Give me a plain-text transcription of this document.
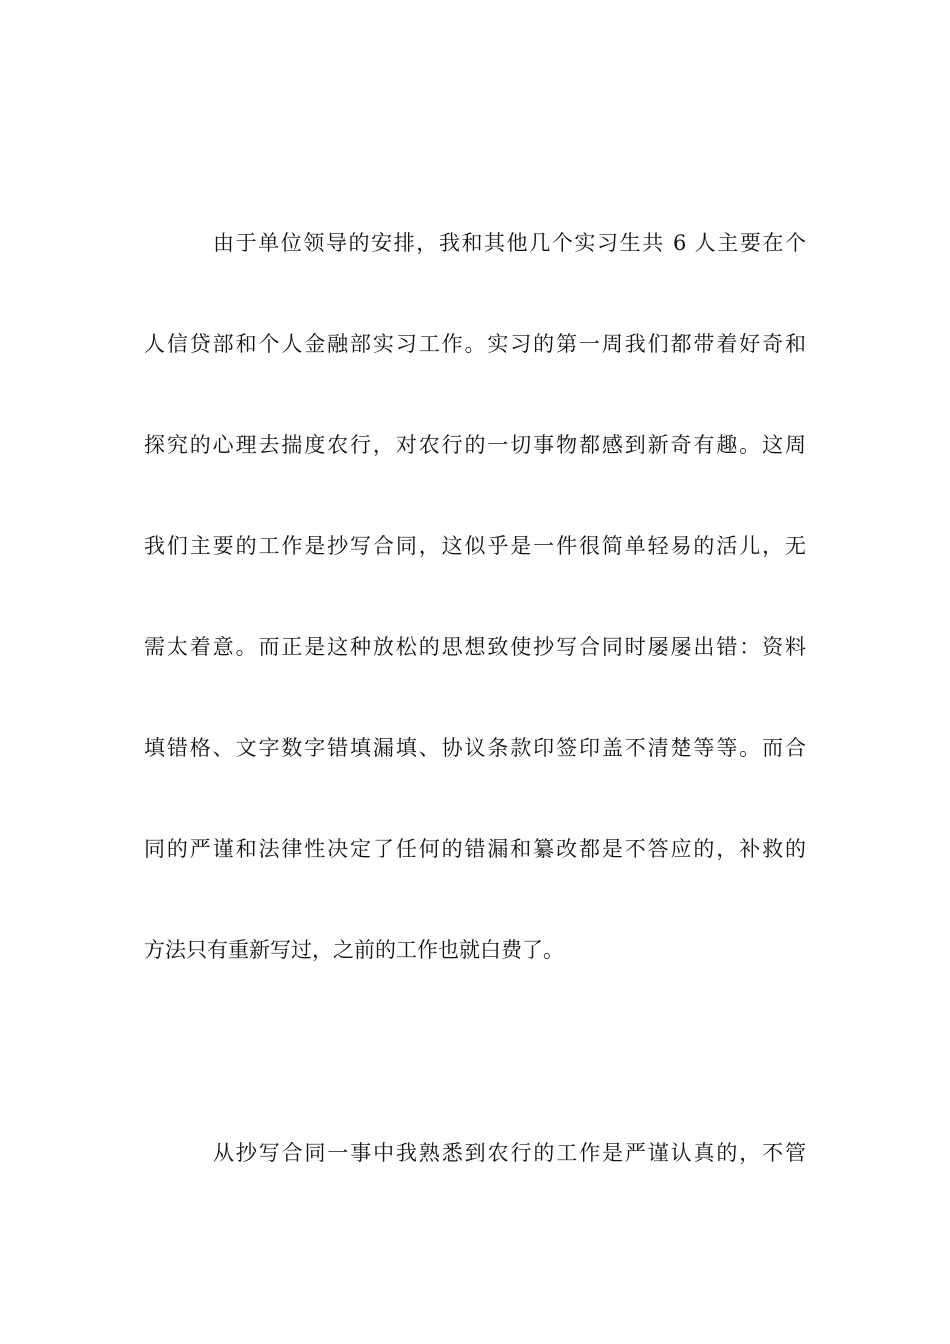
由于单位领导的安排，我和其他几个实习生共 6 人主要在个
人信贷部和个人金融部实习工作。实习的第一周我们都带着好奇和
探究的心理去揣度农行，对农行的一切事物都感到新奇有趣。这周
我们主要的工作是抄写合同，这似乎是一件很简单轻易的活儿，无
需太着意。而正是这种放松的思想致使抄写合同时屡屡出错：资料
填错格、文字数字错填漏填、协议条款印签印盖不清楚等等。而合
同的严谨和法律性决定了任何的错漏和纂改都是不答应的，补救的
方法只有重新写过，之前的工作也就白费了。
从抄写合同一事中我熟悉到农行的工作是严谨认真的，不管
